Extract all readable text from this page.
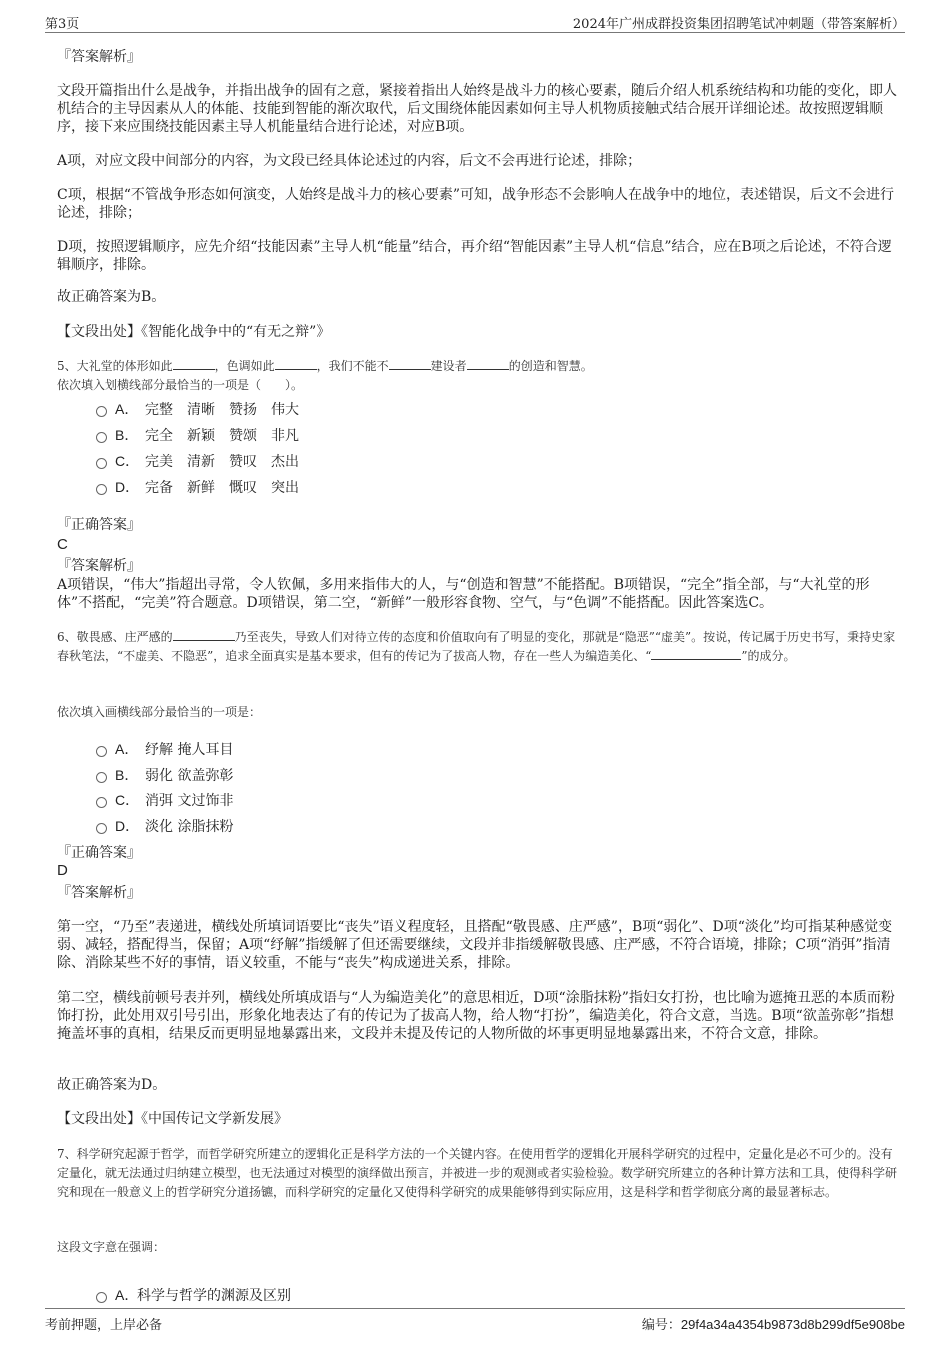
第3页	2024年广州成群投资集团招聘笔试冲刺题（带答案解析）
『答案解析』
文段开篇指出什么是战争，并指出战争的固有之意，紧接着指出人始终是战斗力的核心要素，随后介绍人机系统结构和功能的变化，即人机结合的主导因素从人的体能、技能到智能的渐次取代，后文围绕体能因素如何主导人机物质接触式结合展开详细论述。故按照逻辑顺序，接下来应围绕技能因素主导人机能量结合进行论述，对应B项。
A项，对应文段中间部分的内容，为文段已经具体论述过的内容，后文不会再进行论述，排除；
C项，根据“不管战争形态如何演变，人始终是战斗力的核心要素”可知，战争形态不会影响人在战争中的地位，表述错误，后文不会进行论述，排除；
D项，按照逻辑顺序，应先介绍“技能因素”主导人机“能量”结合，再介绍“智能因素”主导人机“信息”结合，应在B项之后论述，不符合逻辑顺序，排除。
故正确答案为B。
【文段出处】《智能化战争中的“有无之辩”》
5、大礼堂的体形如此	，色调如此	，我们不能不	建设者	的创造和智慧。
依次填入划横线部分最恰当的一项是（　　）。
A． 完整　清晰　赞扬　伟大
B． 完全　新颖　赞颂　非凡
C． 完美　清新　赞叹　杰出
D． 完备　新鲜　慨叹　突出
『正确答案』
C
『答案解析』
A项错误，“伟大”指超出寻常，令人钦佩，多用来指伟大的人，与“创造和智慧”不能搭配。B项错误，“完全”指全部，与“大礼堂的形体”不搭配，“完美”符合题意。D项错误，第二空，“新鲜”一般形容食物、空气，与“色调”不能搭配。因此答案选C。
6、敬畏感、庄严感的	乃至丧失，导致人们对待立传的态度和价值取向有了明显的变化，那就是“隐恶”“虚美”。按说，传记属于历史书写，秉持史家春秋笔法，“不虚美、不隐恶”，追求全面真实是基本要求，但有的传记为了拔高人物，存在一些人为编造美化、“	”的成分。
依次填入画横线部分最恰当的一项是：
A． 纾解 掩人耳目
B． 弱化 欲盖弥彰
C． 消弭 文过饰非
D． 淡化 涂脂抹粉
『正确答案』
D
『答案解析』
第一空，“乃至”表递进，横线处所填词语要比“丧失”语义程度轻，且搭配“敬畏感、庄严感”，B项“弱化”、D项“淡化”均可指某种感觉变弱、减轻，搭配得当，保留；A项“纾解”指缓解了但还需要继续，文段并非指缓解敬畏感、庄严感，不符合语境，排除；C项“消弭”指清除、消除某些不好的事情，语义较重，不能与“丧失”构成递进关系，排除。
第二空，横线前顿号表并列，横线处所填成语与“人为编造美化”的意思相近，D项“涂脂抹粉”指妇女打扮，也比喻为遮掩丑恶的本质而粉饰打扮，此处用双引号引出，形象化地表达了有的传记为了拔高人物，给人物“打扮”，编造美化，符合文意，当选。B项“欲盖弥彰”指想掩盖坏事的真相，结果反而更明显地暴露出来，文段并未提及传记的人物所做的坏事更明显地暴露出来，不符合文意，排除。
故正确答案为D。
【文段出处】《中国传记文学新发展》
7、科学研究起源于哲学，而哲学研究所建立的逻辑化正是科学方法的一个关键内容。在使用哲学的逻辑化开展科学研究的过程中，定量化是必不可少的。没有定量化，就无法通过归纳建立模型，也无法通过对模型的演绎做出预言，并被进一步的观测或者实验检验。数学研究所建立的各种计算方法和工具，使得科学研究和现在一般意义上的哲学研究分道扬镳，而科学研究的定量化又使得科学研究的成果能够得到实际应用，这是科学和哲学彻底分离的最显著标志。
这段文字意在强调：
A．
科学与哲学的渊源及区别
考前押题，上岸必备	编号：29f4a34a4354b9873d8b299df5e908be
